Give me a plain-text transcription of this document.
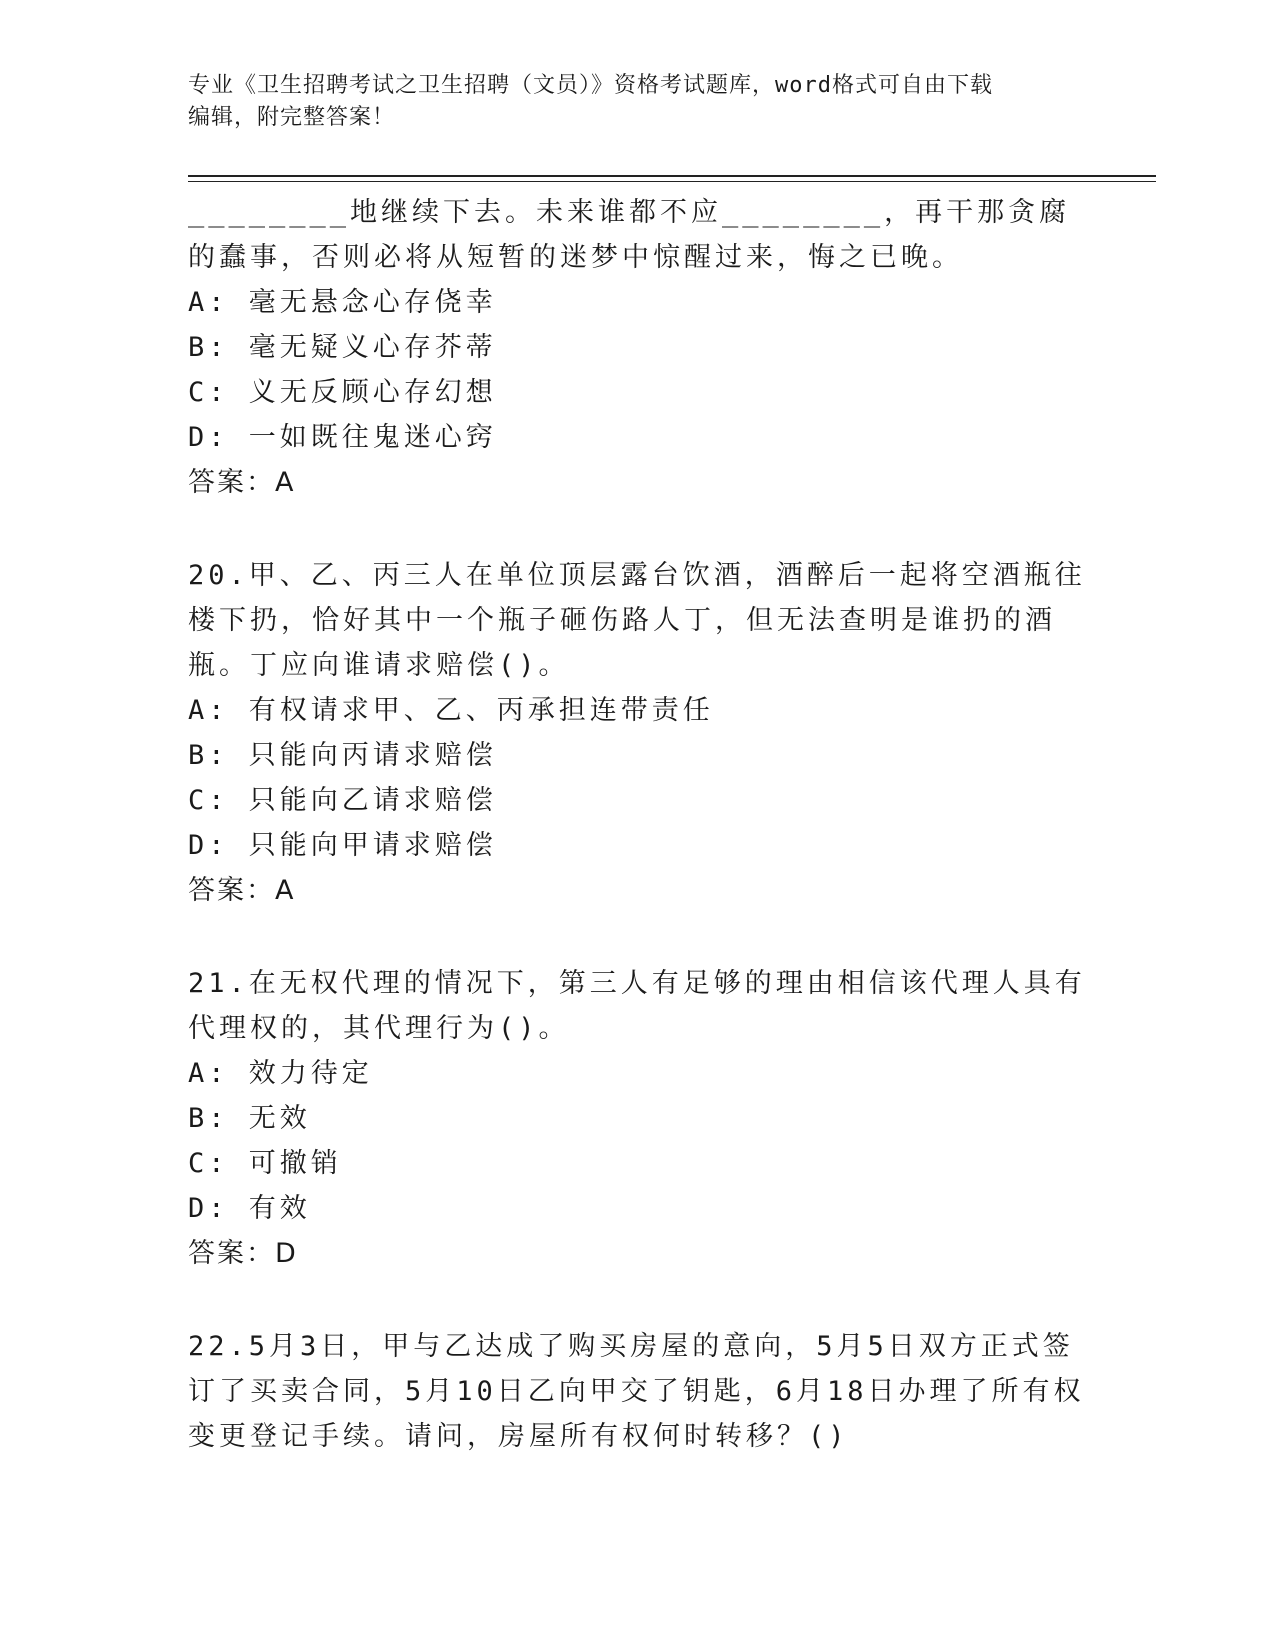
专业《卫生招聘考试之卫生招聘（文员）》资格考试题库，word格式可自由下载
编辑，附完整答案！

________地继续下去。未来谁都不应________，再干那贪腐的蠢事，否则必将从短暂的迷梦中惊醒过来，悔之已晚。

A: 毫无悬念心存侥幸

B: 毫无疑义心存芥蒂

C: 义无反顾心存幻想

D: 一如既往鬼迷心窍

答案：A

20.甲、乙、丙三人在单位顶层露台饮酒，酒醉后一起将空酒瓶往楼下扔，恰好其中一个瓶子砸伤路人丁，但无法查明是谁扔的酒瓶。丁应向谁请求赔偿()。

A: 有权请求甲、乙、丙承担连带责任

B: 只能向丙请求赔偿

C: 只能向乙请求赔偿

D: 只能向甲请求赔偿

答案：A

21.在无权代理的情况下，第三人有足够的理由相信该代理人具有代理权的，其代理行为()。

A: 效力待定

B: 无效

C: 可撤销

D: 有效

答案：D

22.5月3日，甲与乙达成了购买房屋的意向，5月5日双方正式签订了买卖合同，5月10日乙向甲交了钥匙，6月18日办理了所有权变更登记手续。请问，房屋所有权何时转移？()
